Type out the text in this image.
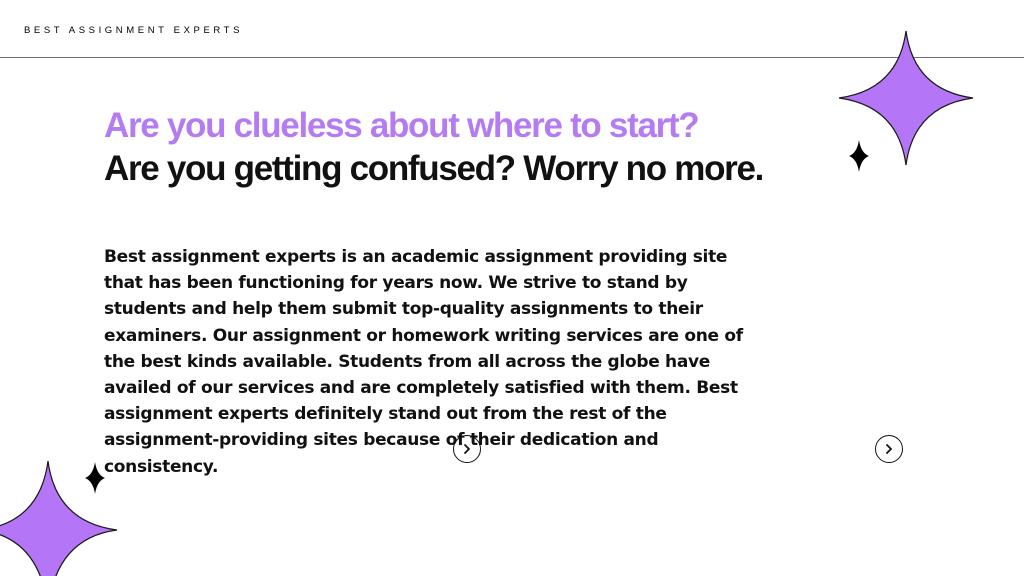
BEST ASSIGNMENT EXPERTS
Are you clueless about where to start?
Are you getting confused? Worry no more.

Best assignment experts is an academic assignment providing site that has been functioning for years now. We strive to stand by students and help them submit top-quality assignments to their examiners. Our assignment or homework writing services are one of the best kinds available. Students from all across the globe have availed of our services and are completely satisfied with them. Best assignment experts definitely stand out from the rest of the assignment-providing sites because of their dedication and consistency.
